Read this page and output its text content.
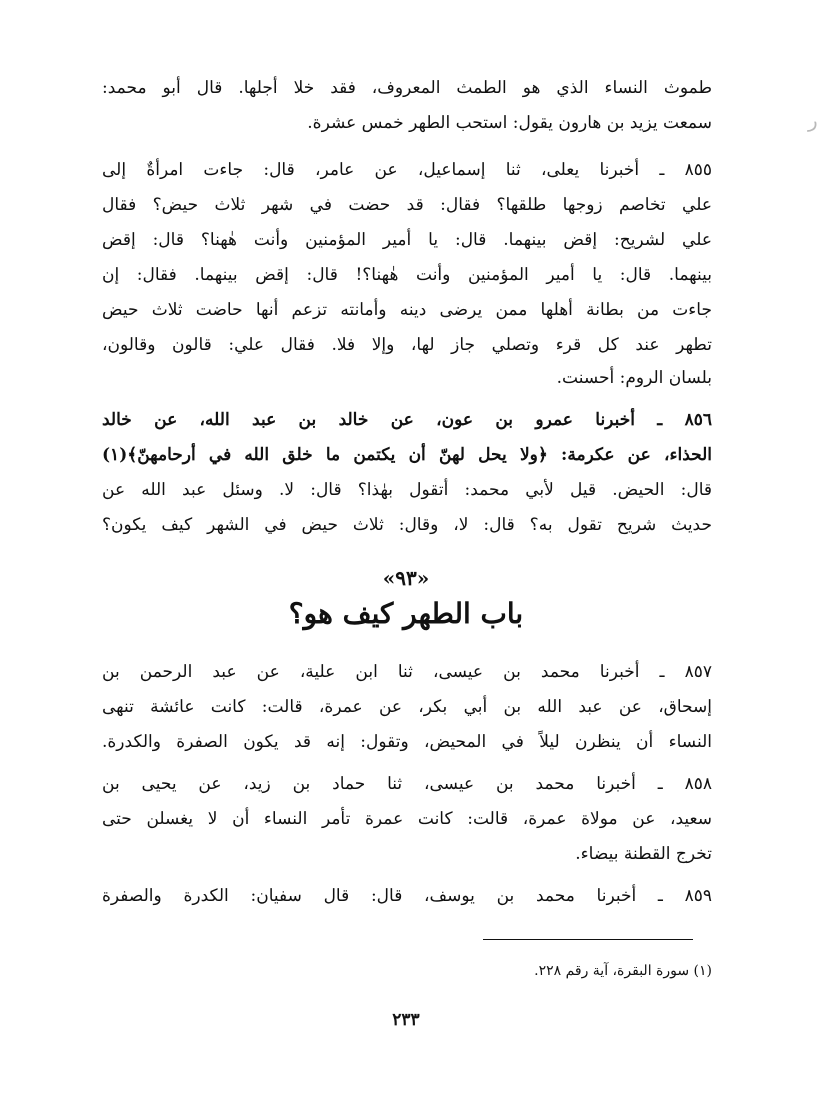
طموث النساء الذي هو الطمث المعروف، فقد خلا أجلها. قال أبو محمد:
سمعت يزيد بن هارون يقول: استحب الطهر خمس عشرة.
٨٥٥ ـ أخبرنا يعلى، ثنا إسماعيل، عن عامر، قال: جاءت امرأةٌ إلى
علي تخاصم زوجها طلقها؟ فقال: قد حضت في شهر ثلاث حيض؟ فقال
علي لشريح: إقض بينهما. قال: يا أمير المؤمنين وأنت هٰهنا؟ قال: إقض
بينهما. قال: يا أمير المؤمنين وأنت هٰهنا؟! قال: إقض بينهما. فقال: إن
جاءت من بطانة أهلها ممن يرضى دينه وأمانته تزعم أنها حاضت ثلاث حيض
تطهر عند كل قرء وتصلي جاز لها، وإلا فلا. فقال علي: قالون وقالون،
بلسان الروم: أحسنت.
٨٥٦ ـ أخبرنا عمرو بن عون، عن خالد بن عبد الله، عن خالد
الحذاء، عن عكرمة: ﴿ولا يحل لهنّ أن يكتمن ما خلق الله في أرحامهنّ﴾(١)
قال: الحيض. قيل لأبي محمد: أتقول بهٰذا؟ قال: لا. وسئل عبد الله عن
حديث شريح تقول به؟ قال: لا، وقال: ثلاث حيض في الشهر كيف يكون؟
«٩٣»
باب الطهر كيف هو؟
٨٥٧ ـ أخبرنا محمد بن عيسى، ثنا ابن علية، عن عبد الرحمن بن
إسحاق، عن عبد الله بن أبي بكر، عن عمرة، قالت: كانت عائشة تنهى
النساء أن ينظرن ليلاً في المحيض، وتقول: إنه قد يكون الصفرة والكدرة.
٨٥٨ ـ أخبرنا محمد بن عيسى، ثنا حماد بن زيد، عن يحيى بن
سعيد، عن مولاة عمرة، قالت: كانت عمرة تأمر النساء أن لا يغسلن حتى
تخرج القطنة بيضاء.
٨٥٩ ـ أخبرنا محمد بن يوسف، قال: قال سفيان: الكدرة والصفرة
(١) سورة البقرة، آية رقم ٢٢٨.
٢٣٣
ر
